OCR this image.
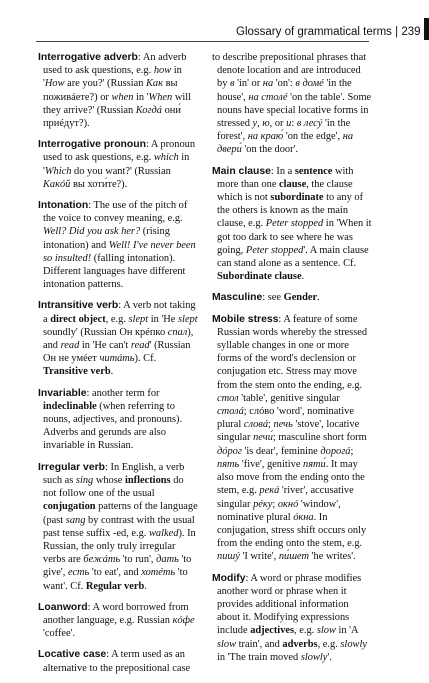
Glossary of grammatical terms | 239

Interrogative adverb: An adverb used to ask questions, e.g. how in 'How are you?' (Russian Как вы поживáете?) or when in 'When will they arrive?' (Russian Когдá они́ приéдут?).

Interrogative pronoun: A pronoun used to ask questions, e.g. which in 'Which do you want?' (Russian Какóй вы хоти́те?).

Intonation: The use of the pitch of the voice to convey meaning, e.g. Well? Did you ask her? (rising intonation) and Well! I've never been so insulted! (falling intonation). Different languages have different intonation patterns.

Intransitive verb: A verb not taking a direct object, e.g. slept in 'He slept soundly' (Russian Он крéпко спал), and read in 'He can't read' (Russian Он не умéет читáть). Cf. Transitive verb.

Invariable: another term for indeclinable (when referring to nouns, adjectives, and pronouns). Adverbs and gerunds are also invariable in Russian.

Irregular verb: In English, a verb such as sing whose inflections do not follow one of the usual conjugation patterns of the language (past sang by contrast with the usual past tense suffix -ed, e.g. walked). In Russian, the only truly irregular verbs are бежáть 'to run', дать 'to give', есть 'to eat', and хотéть 'to want'. Cf. Regular verb.

Loanword: A word borrowed from another language, e.g. Russian кóфе 'coffee'.

Locative case: A term used as an alternative to the prepositional case

to describe prepositional phrases that denote location and are introduced by в 'in' or на 'on': в домé 'in the house', на столé 'on the table'. Some nouns have special locative forms in stressed у, ю, or и: в лесý 'in the forest', на краю́ 'on the edge', на двери́ 'on the door'.

Main clause: In a sentence with more than one clause, the clause which is not subordinate to any of the others is known as the main clause, e.g. Peter stopped in 'When it got too dark to see where he was going, Peter stopped'. A main clause can stand alone as a sentence. Cf. Subordinate clause.

Masculine: see Gender.

Mobile stress: A feature of some Russian words whereby the stressed syllable changes in one or more forms of the word's declension or conjugation etc. Stress may move from the stem onto the ending, e.g. стол 'table', genitive singular столá; слóво 'word', nominative plural словá; печь 'stove', locative singular печи́; masculine short form дóрог 'is dear', feminine дорогá; пять 'five', genitive пяти́. It may also move from the ending onto the stem, e.g. рекá 'river', accusative singular рéку; окнó 'window', nominative plural óкна. In conjugation, stress shift occurs only from the ending onto the stem, e.g. пишý 'I write', пи́шет 'he writes'.

Modify: A word or phrase modifies another word or phrase when it provides additional information about it. Modifying expressions include adjectives, e.g. slow in 'A slow train', and adverbs, e.g. slowly in 'The train moved slowly'.
